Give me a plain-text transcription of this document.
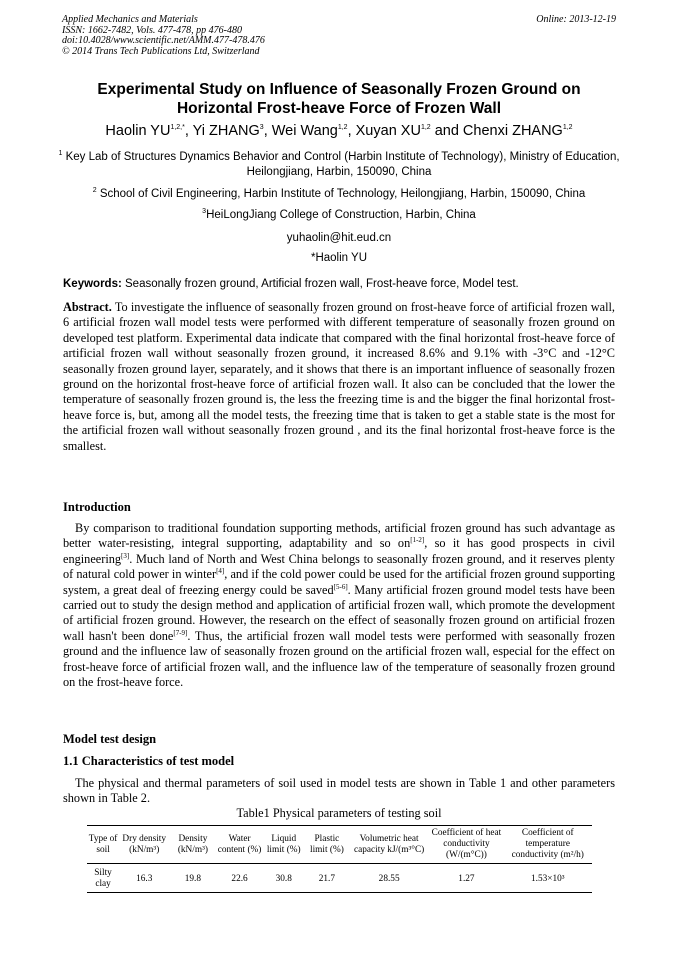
Applied Mechanics and Materials
ISSN: 1662-7482, Vols. 477-478, pp 476-480
doi:10.4028/www.scientific.net/AMM.477-478.476
© 2014 Trans Tech Publications Ltd, Switzerland
Online: 2013-12-19
Experimental Study on Influence of Seasonally Frozen Ground on
Horizontal Frost-heave Force of Frozen Wall
Haolin $YU^{1,2,*}$, Yi ZHANG$^3$, Wei Wang$^{1,2}$, Xuyan XU$^{1,2}$ and Chenxi ZHANG$^{1,2}$
$^1$ Key Lab of Structures Dynamics Behavior and Control (Harbin Institute of Technology), Ministry of Education, Heilongjiang, Harbin, 150090, China
$^2$ School of Civil Engineering, Harbin Institute of Technology, Heilongjiang, Harbin, 150090, China
$^3$HeiLongJiang College of Construction, Harbin, China
yuhaolin@hit.eud.cn
*Haolin YU
Keywords: Seasonally frozen ground, Artificial frozen wall, Frost-heave force, Model test.
Abstract. To investigate the influence of seasonally frozen ground on frost-heave force of artificial frozen wall, 6 artificial frozen wall model tests were performed with different temperature of seasonally frozen ground on developed test platform. Experimental data indicate that compared with the final horizontal frost-heave force of artificial frozen wall without seasonally frozen ground, it increased 8.6% and 9.1% with -3°C and -12°C seasonally frozen ground layer, separately, and it shows that there is an important influence of seasonally frozen ground on the horizontal frost-heave force of artificial frozen wall. It also can be concluded that the lower the temperature of seasonally frozen ground is, the less the freezing time is and the bigger the final horizontal frost-heave force is, but, among all the model tests, the freezing time that is taken to get a stable state is the most for the artificial frozen wall without seasonally frozen ground , and its the final horizontal frost-heave force is the smallest.
Introduction
By comparison to traditional foundation supporting methods, artificial frozen ground has such advantage as better water-resisting, integral supporting, adaptability and so on[1-2], so it has good prospects in civil engineering[3]. Much land of North and West China belongs to seasonally frozen ground, and it reserves plenty of natural cold power in winter[4], and if the cold power could be used for the artificial frozen ground supporting system, a great deal of freezing energy could be saved[5-6]. Many artificial frozen ground model tests have been carried out to study the design method and application of artificial frozen wall, which promote the development of artificial frozen ground. However, the research on the effect of seasonally frozen ground on artificial frozen wall hasn't been done[7-9]. Thus, the artificial frozen wall model tests were performed with seasonally frozen ground and the influence law of seasonally frozen ground on the artificial frozen wall, especial for the effect on frost-heave force of artificial frozen wall, and the influence law of the temperature of seasonally frozen ground on the frost-heave force.
Model test design
1.1 Characteristics of test model
The physical and thermal parameters of soil used in model tests are shown in Table 1 and other parameters shown in Table 2.
Table1 Physical parameters of testing soil
Type of soil	Dry density (kN/m³)	Density (kN/m³)	Water content (%)	Liquid limit (%)	Plastic limit (%)	Volumetric heat capacity kJ/(m³°C)	Coefficient of heat conductivity (W/(m°C))	Coefficient of temperature conductivity (m²/h)
Silty clay	16.3	19.8	22.6	30.8	21.7	28.55	1.27	1.53×10³
